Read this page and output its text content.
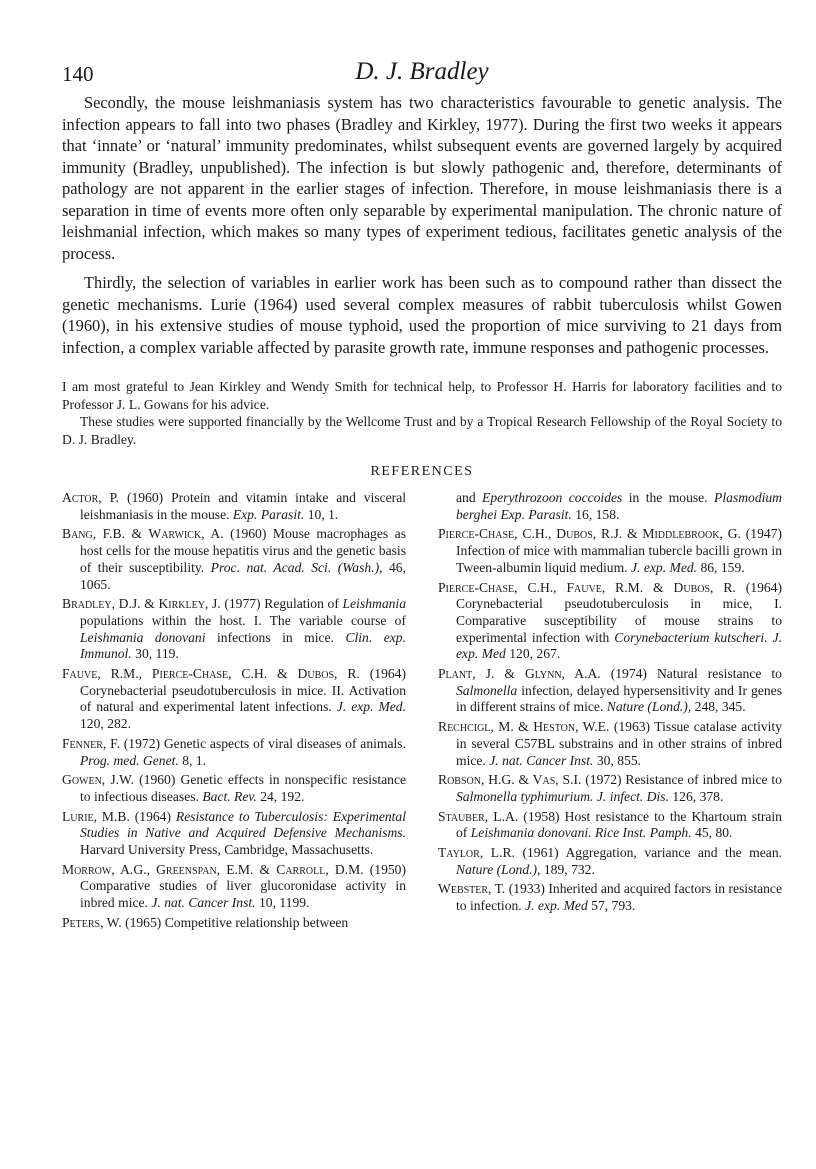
140	D. J. Bradley

Secondly, the mouse leishmaniasis system has two characteristics favourable to genetic analysis. The infection appears to fall into two phases (Bradley and Kirkley, 1977). During the first two weeks it appears that ‘innate’ or ‘natural’ immunity predominates, whilst subsequent events are governed largely by acquired immunity (Bradley, unpublished). The infection is but slowly pathogenic and, therefore, determinants of pathology are not apparent in the earlier stages of infection. Therefore, in mouse leishmaniasis there is a separation in time of events more often only separable by experimental manipulation. The chronic nature of leishmanial infection, which makes so many types of experiment tedious, facilitates genetic analysis of the process.

Thirdly, the selection of variables in earlier work has been such as to compound rather than dissect the genetic mechanisms. Lurie (1964) used several complex measures of rabbit tuberculosis whilst Gowen (1960), in his extensive studies of mouse typhoid, used the proportion of mice surviving to 21 days from infection, a complex variable affected by parasite growth rate, immune responses and pathogenic processes.

I am most grateful to Jean Kirkley and Wendy Smith for technical help, to Professor H. Harris for laboratory facilities and to Professor J. L. Gowans for his advice.

These studies were supported financially by the Wellcome Trust and by a Tropical Research Fellowship of the Royal Society to D. J. Bradley.

REFERENCES
Actor, P. (1960) Protein and vitamin intake and visceral leishmaniasis in the mouse. Exp. Parasit. 10, 1.
Bang, F.B. & Warwick, A. (1960) Mouse macrophages as host cells for the mouse hepatitis virus and the genetic basis of their susceptibility. Proc. nat. Acad. Sci. (Wash.), 46, 1065.
Bradley, D.J. & Kirkley, J. (1977) Regulation of Leishmania populations within the host. I. The variable course of Leishmania donovani infections in mice. Clin. exp. Immunol. 30, 119.
Fauve, R.M., Pierce-Chase, C.H. & Dubos, R. (1964) Corynebacterial pseudotuberculosis in mice. II. Activation of natural and experimental latent infections. J. exp. Med. 120, 282.
Fenner, F. (1972) Genetic aspects of viral diseases of animals. Prog. med. Genet. 8, 1.
Gowen, J.W. (1960) Genetic effects in nonspecific resistance to infectious diseases. Bact. Rev. 24, 192.
Lurie, M.B. (1964) Resistance to Tuberculosis: Experimental Studies in Native and Acquired Defensive Mechanisms. Harvard University Press, Cambridge, Massachusetts.
Morrow, A.G., Greenspan, E.M. & Carroll, D.M. (1950) Comparative studies of liver glucoronidase activity in inbred mice. J. nat. Cancer Inst. 10, 1199.
Peters, W. (1965) Competitive relationship between
and Eperythrozoon coccoides in the mouse. Plasmodium berghei Exp. Parasit. 16, 158.
Pierce-Chase, C.H., Dubos, R.J. & Middlebrook, G. (1947) Infection of mice with mammalian tubercle bacilli grown in Tween-albumin liquid medium. J. exp. Med. 86, 159.
Pierce-Chase, C.H., Fauve, R.M. & Dubos, R. (1964) Corynebacterial pseudotuberculosis in mice, I. Comparative susceptibility of mouse strains to experimental infection with Corynebacterium kutscheri. J. exp. Med 120, 267.
Plant, J. & Glynn, A.A. (1974) Natural resistance to Salmonella infection, delayed hypersensitivity and Ir genes in different strains of mice. Nature (Lond.), 248, 345.
Rechcigl, M. & Heston, W.E. (1963) Tissue catalase activity in several C57BL substrains and in other strains of inbred mice. J. nat. Cancer Inst. 30, 855.
Robson, H.G. & Vas, S.I. (1972) Resistance of inbred mice to Salmonella typhimurium. J. infect. Dis. 126, 378.
Stauber, L.A. (1958) Host resistance to the Khartoum strain of Leishmania donovani. Rice Inst. Pamph. 45, 80.
Taylor, L.R. (1961) Aggregation, variance and the mean. Nature (Lond.), 189, 732.
Webster, T. (1933) Inherited and acquired factors in resistance to infection. J. exp. Med 57, 793.
